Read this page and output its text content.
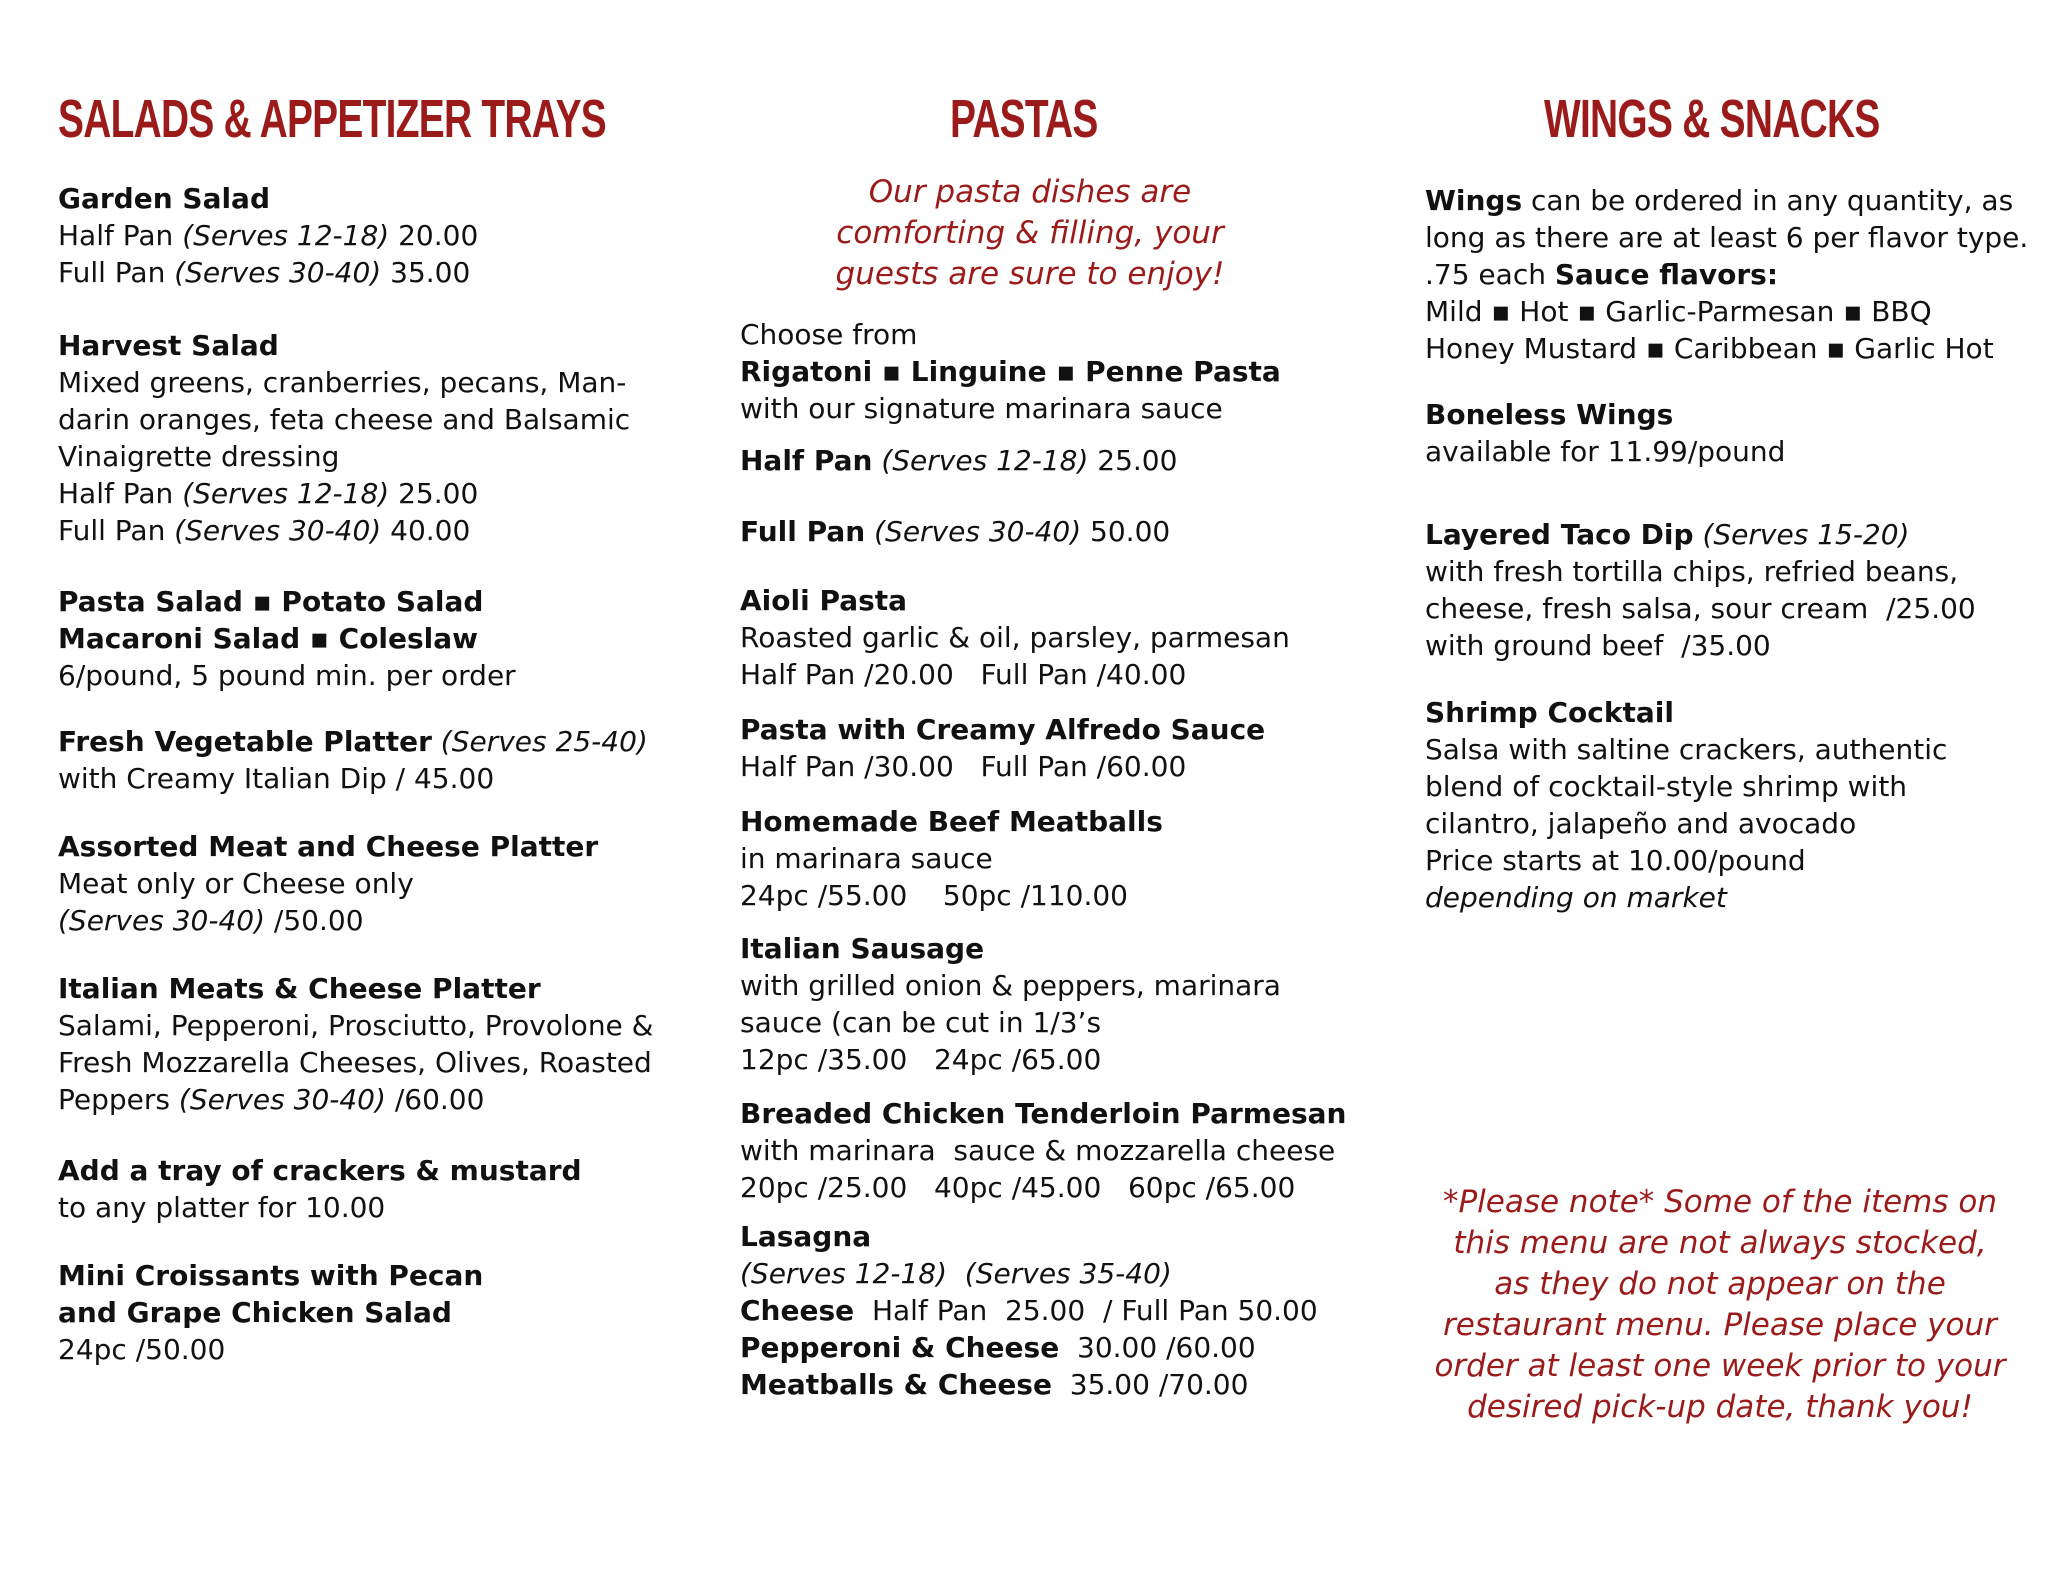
SALADS & APPETIZER TRAYS
Garden Salad
Half Pan (Serves 12-18) 20.00
Full Pan (Serves 30-40) 35.00
Harvest Salad
Mixed greens, cranberries, pecans, Man-
darin oranges, feta cheese and Balsamic
Vinaigrette dressing
Half Pan (Serves 12-18) 25.00
Full Pan (Serves 30-40) 40.00
Pasta Salad ▪ Potato Salad
Macaroni Salad ▪ Coleslaw
6/pound, 5 pound min. per order
Fresh Vegetable Platter (Serves 25-40)
with Creamy Italian Dip / 45.00
Assorted Meat and Cheese Platter
Meat only or Cheese only
(Serves 30-40) /50.00
Italian Meats & Cheese Platter
Salami, Pepperoni, Prosciutto, Provolone &
Fresh Mozzarella Cheeses, Olives, Roasted
Peppers (Serves 30-40) /60.00
Add a tray of crackers & mustard
to any platter for 10.00
Mini Croissants with Pecan
and Grape Chicken Salad
24pc /50.00
PASTAS
Our pasta dishes are
comforting & filling, your
guests are sure to enjoy!
Choose from
Rigatoni ▪ Linguine ▪ Penne Pasta
with our signature marinara sauce
Half Pan (Serves 12-18) 25.00
Full Pan (Serves 30-40) 50.00
Aioli Pasta
Roasted garlic & oil, parsley, parmesan
Half Pan /20.00   Full Pan /40.00
Pasta with Creamy Alfredo Sauce
Half Pan /30.00   Full Pan /60.00
Homemade Beef Meatballs
in marinara sauce
24pc /55.00    50pc /110.00
Italian Sausage
with grilled onion & peppers, marinara
sauce (can be cut in 1/3’s
12pc /35.00   24pc /65.00
Breaded Chicken Tenderloin Parmesan
with marinara  sauce & mozzarella cheese
20pc /25.00   40pc /45.00   60pc /65.00
Lasagna
(Serves 12-18)  (Serves 35-40)
Cheese Half Pan  25.00  / Full Pan 50.00
Pepperoni & Cheese 30.00 /60.00
Meatballs & Cheese 35.00 /70.00
WINGS & SNACKS
Wings can be ordered in any quantity, as
long as there are at least 6 per flavor type.
.75 each Sauce flavors:
Mild ▪ Hot ▪ Garlic-Parmesan ▪ BBQ
Honey Mustard ▪ Caribbean ▪ Garlic Hot
Boneless Wings
available for 11.99/pound
Layered Taco Dip (Serves 15-20)
with fresh tortilla chips, refried beans,
cheese, fresh salsa, sour cream  /25.00
with ground beef  /35.00
Shrimp Cocktail
Salsa with saltine crackers, authentic
blend of cocktail-style shrimp with
cilantro, jalapeño and avocado
Price starts at 10.00/pound
depending on market
*Please note* Some of the items on
this menu are not always stocked,
as they do not appear on the
restaurant menu. Please place your
order at least one week prior to your
desired pick-up date, thank you!
